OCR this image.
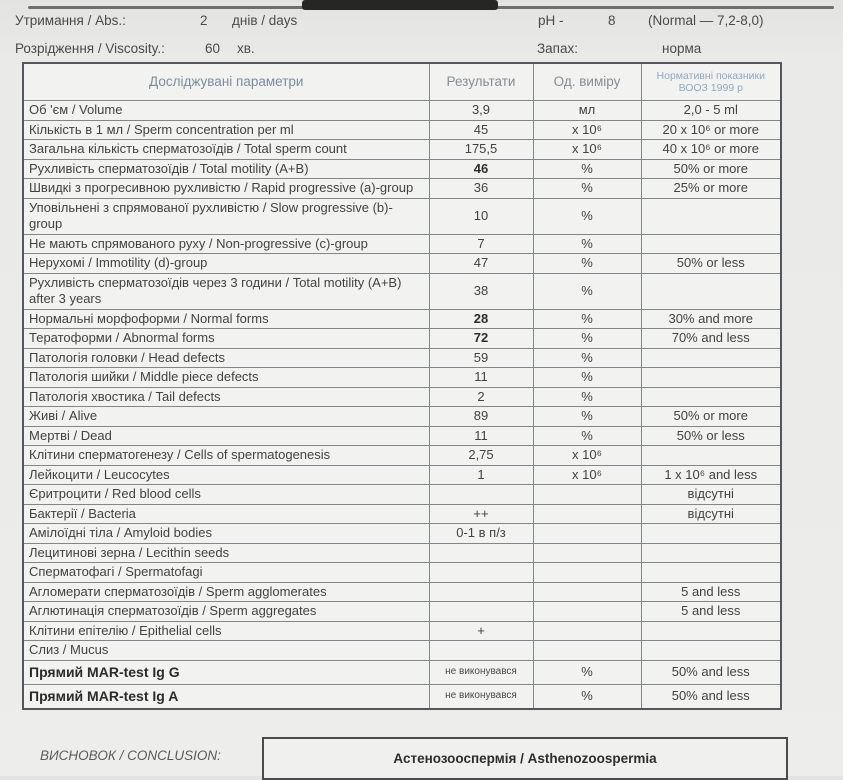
Утримання / Abs.:	2 днів / days	pH -	8 (Normal — 7,2-8,0)
Розрідження / Viscosity.:	60 хв.	Запах:	норма
Досліджувані параметри	Результати	Од. виміру	Нормативні показники ВООЗ 1999 р
Об 'єм / Volume	3,9	мл	2,0 - 5 ml
Кількість в 1 мл / Sperm concentration per ml	45	x 10⁶	20 x 10⁶ or more
Загальна кількість сперматозоїдів / Total sperm count	175,5	x 10⁶	40 x 10⁶ or more
Рухливість сперматозоїдів / Total motility (A+B)	46	%	50% or more
Швидкі з прогресивною рухливістю / Rapid progressive (a)-group	36	%	25% or more
Уповільнені з спрямованої рухливістю / Slow progressive (b)-group	10	%	
Не мають спрямованого руху / Non-progressive (c)-group	7	%	
Нерухомі / Immotility (d)-group	47	%	50% or less
Рухливість сперматозоїдів через 3 години / Total motility (A+B) after 3 years	38	%	
Нормальні морфоформи / Normal forms	28	%	30% and more
Тератоформи / Abnormal forms	72	%	70% and less
Патологія головки / Head defects	59	%	
Патологія шийки / Middle piece defects	11	%	
Патологія хвостика / Tail defects	2	%	
Живі / Alive	89	%	50% or more
Мертві / Dead	11	%	50% or less
Клітини сперматогенезу / Cells of spermatogenesis	2,75	x 10⁶	
Лейкоцити / Leucocytes	1	x 10⁶	1 x 10⁶ and less
Єритроцити / Red blood cells			відсутні
Бактерії / Bacteria	++		відсутні
Амілоїдні тіла / Amyloid bodies	0-1 в п/з		
Лецитинові зерна / Lecithin seeds			
Сперматофагі / Spermatofagi			
Агломерати сперматозоїдів / Sperm agglomerates			5 and less
Аглютинація сперматозоїдів / Sperm aggregates			5 and less
Клітини епітелію / Epithelial cells	+		
Слиз / Mucus			
Прямий MAR-test Ig G	не виконувався	%	50% and less
Прямий MAR-test Ig A	не виконувався	%	50% and less
ВИСНОВОК / CONCLUSION:	Астенозооспермія / Asthenozoospermia
